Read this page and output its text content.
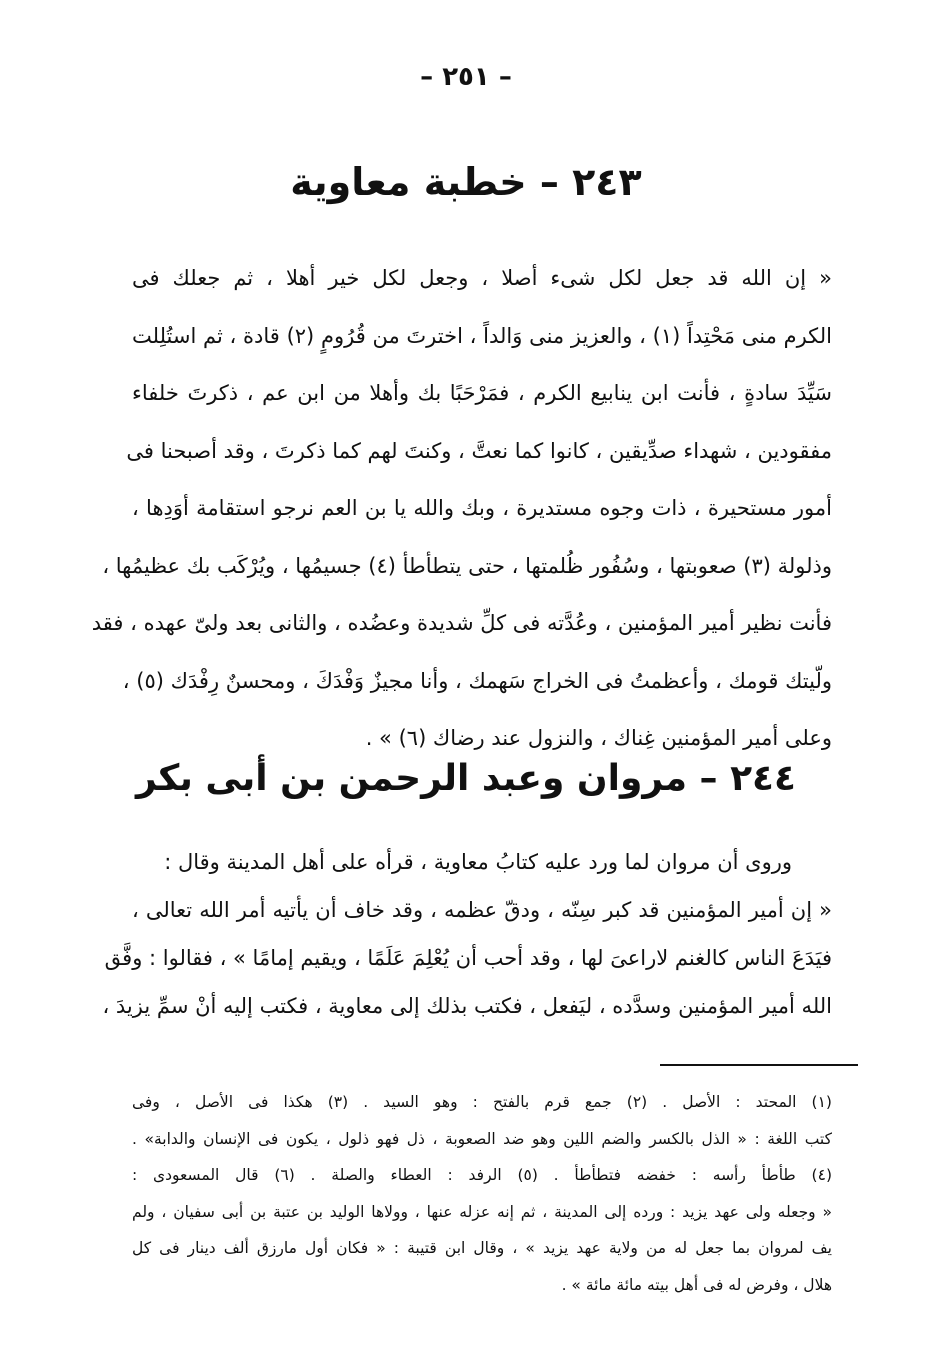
– ٢٥١ –
٢٤٣ – خطبة معاوية
« إن الله قد جعل لكل شىء أصلا ، وجعل لكل خير أهلا ، ثم جعلك فى
الكرم منى مَحْتِداً (١) ، والعزيز منى وَالداً ، اخترتَ من قُرُومٍ (٢) قادة ، ثم استُلِلت
سَيِّدَ سادةٍ ، فأنت ابن ينابيع الكرم ، فمَرْحَبًا بك وأهلا من ابن عم ، ذكرتَ خلفاء
مفقودين ، شهداء صدِّيقين ، كانوا كما نعتَّ ، وكنتَ لهم كما ذكرتَ ، وقد أصبحنا فى
أمور مستحيرة ، ذات وجوه مستديرة ، وبك والله يا بن العم نرجو استقامة أوَدِها ،
وذلولة (٣) صعوبتها ، وسُفُور ظُلمتها ، حتى يتطأطأ (٤) جسيمُها ، ويُرْكَب بك عظيمُها ،
فأنت نظير أمير المؤمنين ، وعُدَّته فى كلِّ شديدة وعضُده ، والثانى بعد ولىّ عهده ، فقد
ولّيتك قومك ، وأعظمتُ فى الخراج سَهمك ، وأنا مجيزٌ وَفْدَكَ ، ومحسنٌ رِفْدَك (٥) ،
وعلى أمير المؤمنين غِناك ، والنزول عند رضاك (٦) » .
٢٤٤ – مروان وعبد الرحمن بن أبى بكر
وروى أن مروان لما ورد عليه كتابُ معاوية ، قرأه على أهل المدينة وقال :
« إن أمير المؤمنين قد كبر سِنّه ، ودقّ عظمه ، وقد خاف أن يأتيه أمر الله تعالى ،
فيَدَعَ الناس كالغنم لاراعىَ لها ، وقد أحب أن يُعْلِمَ عَلَمًا ، ويقيم إمامًا » ، فقالوا : وفَّق
الله أمير المؤمنين وسدَّده ، ليَفعل ، فكتب بذلك إلى معاوية ، فكتب إليه أنْ سمِّ يزيدَ ،
(١) المحتد : الأصل . (٢) جمع قرم بالفتح : وهو السيد . (٣) هكذا فى الأصل ، وفى
كتب اللغة : « الذل بالكسر والضم اللين وهو ضد الصعوبة ، ذل فهو ذلول ، يكون فى الإنسان والدابة» .
(٤) طأطأ رأسه : خفضه فتطأطأ . (٥) الرفد : العطاء والصلة . (٦) قال المسعودى :
« وجعله ولى عهد يزيد : ورده إلى المدينة ، ثم إنه عزله عنها ، وولاها الوليد بن عتبة بن أبى سفيان ، ولم
يف لمروان بما جعل له من ولاية عهد يزيد » ، وقال ابن قتيبة : « فكان أول مارزق ألف دينار فى كل
هلال ، وفرض له فى أهل بيته مائة مائة » .
